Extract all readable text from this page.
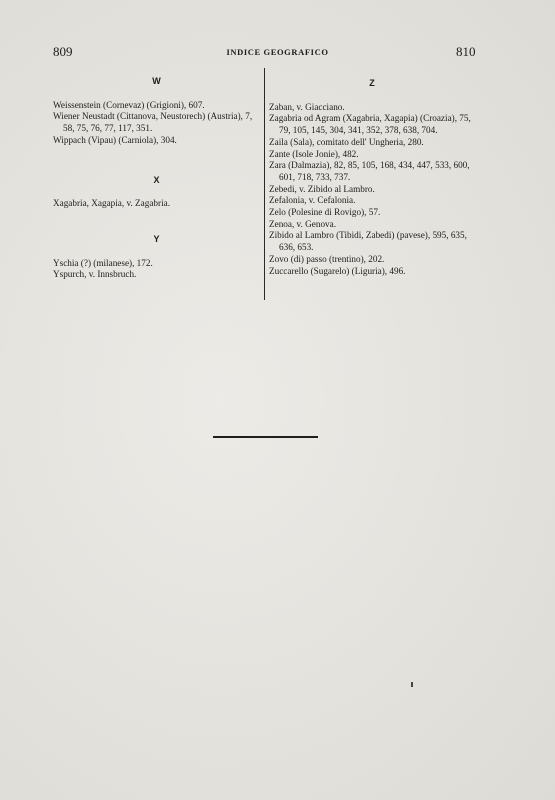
809	INDICE GEOGRAFICO	810
W
Weissenstein (Cornevaz) (Grigioni), 607.
Wiener Neustadt (Cittanova, Neustorech) (Austria), 7, 58, 75, 76, 77, 117, 351.
Wippach (Vipau) (Carniola), 304.
X
Xagabria, Xagapia, v. Zagabria.
Y
Yschia (?) (milanese), 172.
Yspurch, v. Innsbruch.
Z
Zaban, v. Giacciano.
Zagabria od Agram (Xagabria, Xagapia) (Croazia), 75, 79, 105, 145, 304, 341, 352, 378, 638, 704.
Zaila (Sala), comitato dell' Ungheria, 280.
Zante (Isole Jonie), 482.
Zara (Dalmazia), 82, 85, 105, 168, 434, 447, 533, 600, 601, 718, 733, 737.
Zebedi, v. Zibido al Lambro.
Zefalonia, v. Cefalonia.
Zelo (Polesine di Rovigo), 57.
Zenoa, v. Genova.
Zibido al Lambro (Tibidi, Zabedi) (pavese), 595, 635, 636, 653.
Zovo (di) passo (trentino), 202.
Zuccarello (Sugarelo) (Liguria), 496.
